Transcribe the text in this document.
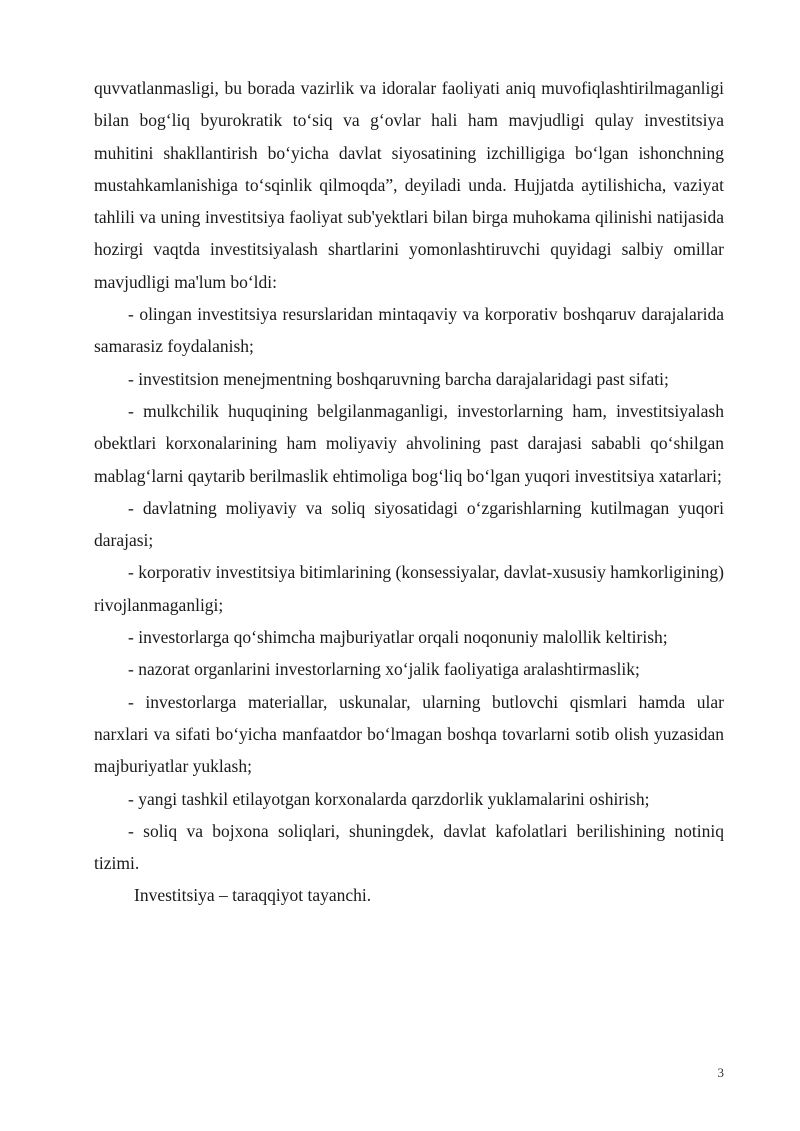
quvvatlanmasligi, bu borada vazirlik va idoralar faoliyati aniq muvofiqlashtirilmaganligi bilan bog‘liq byurokratik to‘siq va g‘ovlar hali ham mavjudligi qulay investitsiya muhitini shakllantirish bo‘yicha davlat siyosatining izchilligiga bo‘lgan ishonchning mustahkamlanishiga to‘sqinlik qilmoqda”, deyiladi unda. Hujjatda aytilishicha, vaziyat tahlili va uning investitsiya faoliyat sub'yektlari bilan birga muhokama qilinishi natijasida hozirgi vaqtda investitsiyalash shartlarini yomonlashtiruvchi quyidagi salbiy omillar mavjudligi ma'lum bo‘ldi:

- olingan investitsiya resurslaridan mintaqaviy va korporativ boshqaruv darajalarida samarasiz foydalanish;

- investitsion menejmentning boshqaruvning barcha darajalaridagi past sifati;

- mulkchilik huquqining belgilanmaganligi, investorlarning ham, investitsiyalash obektlari korxonalarining ham moliyaviy ahvolining past darajasi sababli qo‘shilgan mablag‘larni qaytarib berilmaslik ehtimoliga bog‘liq bo‘lgan yuqori investitsiya xatarlari;

- davlatning moliyaviy va soliq siyosatidagi o‘zgarishlarning kutilmagan yuqori darajasi;

- korporativ investitsiya bitimlarining (konsessiyalar, davlat-xususiy hamkorligining) rivojlanmaganligi;

- investorlarga qo‘shimcha majburiyatlar orqali noqonuniy malollik keltirish;

- nazorat organlarini investorlarning xo‘jalik faoliyatiga aralashtirmaslik;

- investorlarga materiallar, uskunalar, ularning butlovchi qismlari hamda ular narxlari va sifati bo‘yicha manfaatdor bo‘lmagan boshqa tovarlarni sotib olish yuzasidan majburiyatlar yuklash;

- yangi tashkil etilayotgan korxonalarda qarzdorlik yuklamalarini oshirish;

- soliq va bojxona soliqlari, shuningdek, davlat kafolatlari berilishining notiniq tizimi.

Investitsiya – taraqqiyot tayanchi.

3
